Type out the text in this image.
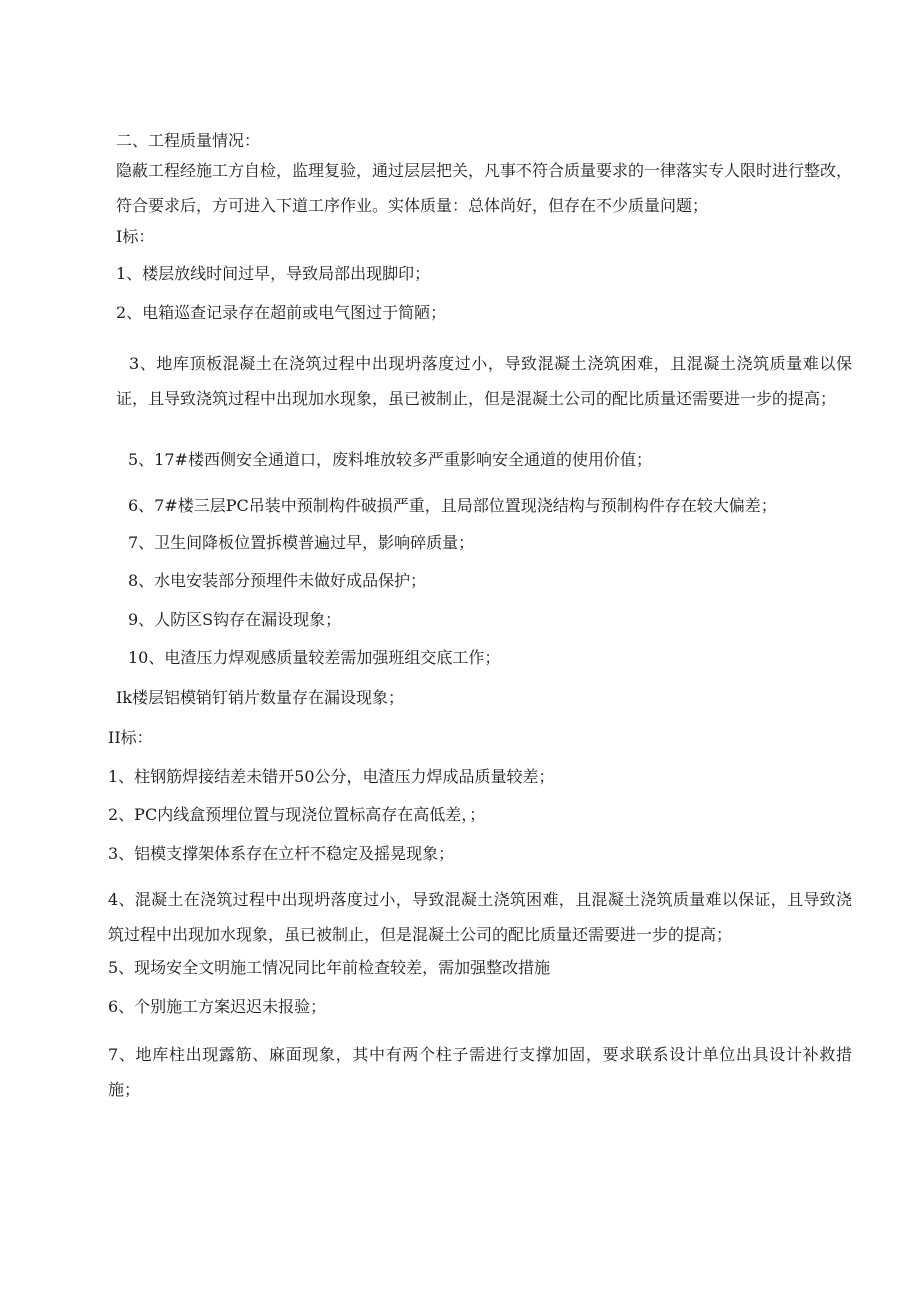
二、工程质量情况：

隐蔽工程经施工方自检，监理复验，通过层层把关，凡事不符合质量要求的一律落实专人限时进行整改，符合要求后，方可进入下道工序作业。实体质量：总体尚好，但存在不少质量问题；

I标：

1、楼层放线时间过早，导致局部出现脚印；

2、电箱巡查记录存在超前或电气图过于简陋；

3、地库顶板混凝土在浇筑过程中出现坍落度过小，导致混凝土浇筑困难，且混凝土浇筑质量难以保证，且导致浇筑过程中出现加水现象，虽已被制止，但是混凝土公司的配比质量还需要进一步的提高；

5、17#楼西侧安全通道口，废料堆放较多严重影响安全通道的使用价值；

6、7#楼三层PC吊装中预制构件破损严重，且局部位置现浇结构与预制构件存在较大偏差；

7、卫生间降板位置拆模普遍过早，影响碎质量；

8、水电安装部分预埋件未做好成品保护；

9、人防区S钩存在漏设现象；

10、电渣压力焊观感质量较差需加强班组交底工作；

Ik楼层铝模销钉销片数量存在漏设现象；

II标：

1、柱钢筋焊接结差未错开50公分，电渣压力焊成品质量较差；

2、PC内线盒预埋位置与现浇位置标高存在高低差，；

3、铝模支撑架体系存在立杆不稳定及摇晃现象；

4、混凝土在浇筑过程中出现坍落度过小，导致混凝土浇筑困难，且混凝土浇筑质量难以保证，且导致浇筑过程中出现加水现象，虽已被制止，但是混凝土公司的配比质量还需要进一步的提高；

5、现场安全文明施工情况同比年前检查较差，需加强整改措施

6、个别施工方案迟迟未报验；

7、地库柱出现露筋、麻面现象，其中有两个柱子需进行支撑加固，要求联系设计单位出具设计补救措施；
